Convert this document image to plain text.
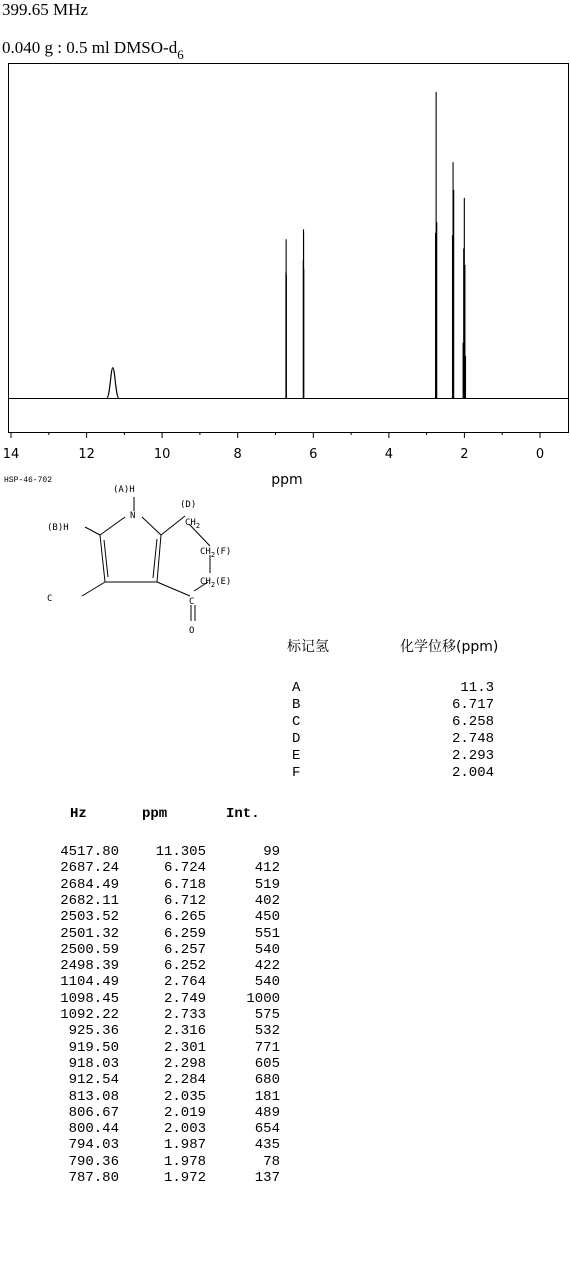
399.65 MHz
0.040 g : 0.5 ml DMSO-$d_6$
14	12	10	8	6	4	2	0
ppm
HSP-46-702
(A)H
N
(B)H
C
(D)
$CH_2$
$CH_2(F)$
$CH_2(E)$
C
O
标记氢	化学位移(ppm)
A	11.3
B	6.717
C	6.258
D	2.748
E	2.293
F	2.004
Hz	ppm	Int.
4517.80	11.305	99
2687.24	6.724	412
2684.49	6.718	519
2682.11	6.712	402
2503.52	6.265	450
2501.32	6.259	551
2500.59	6.257	540
2498.39	6.252	422
1104.49	2.764	540
1098.45	2.749	1000
1092.22	2.733	575
925.36	2.316	532
919.50	2.301	771
918.03	2.298	605
912.54	2.284	680
813.08	2.035	181
806.67	2.019	489
800.44	2.003	654
794.03	1.987	435
790.36	1.978	78
787.80	1.972	137
